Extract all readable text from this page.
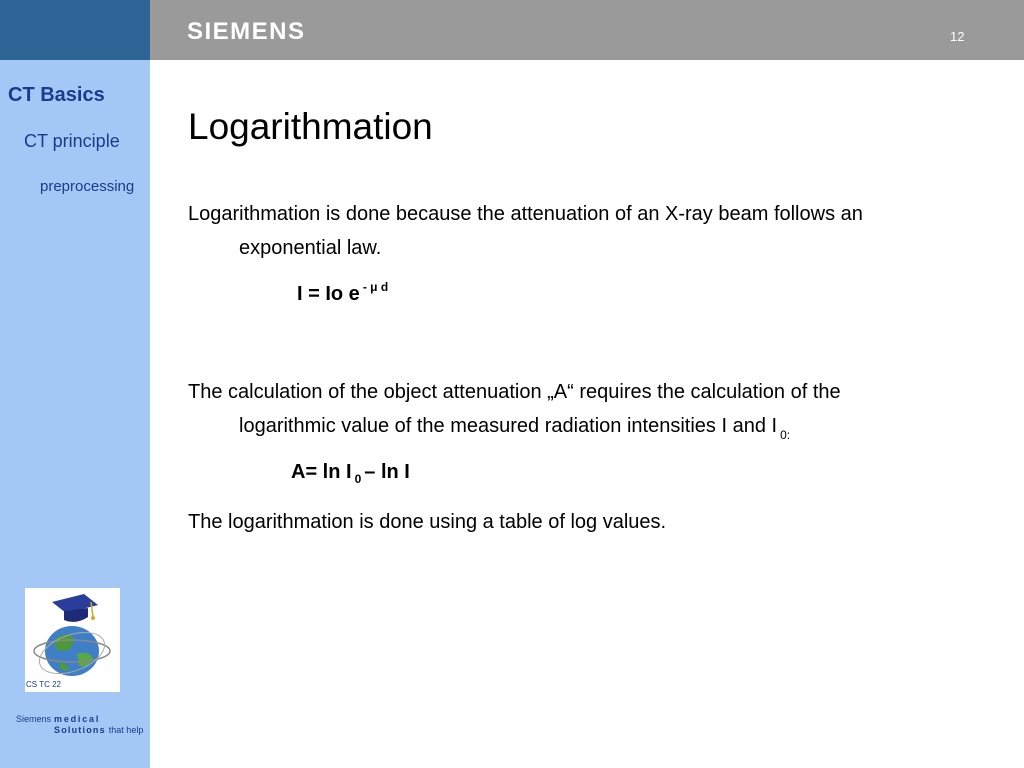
SIEMENS	12
CT Basics
CT principle
preprocessing
CS TC 22
Siemens medical
Solutions that help
Logarithmation
Logarithmation is done because the attenuation of an X-ray beam follows an
exponential law.
I = Io e $^{- \mu d}$
The calculation of the object attenuation „A“ requires the calculation of the
logarithmic value of the measured radiation intensities I and I $_{0:}$
A= ln I $_0$ – ln I
The logarithmation is done using a table of log values.
